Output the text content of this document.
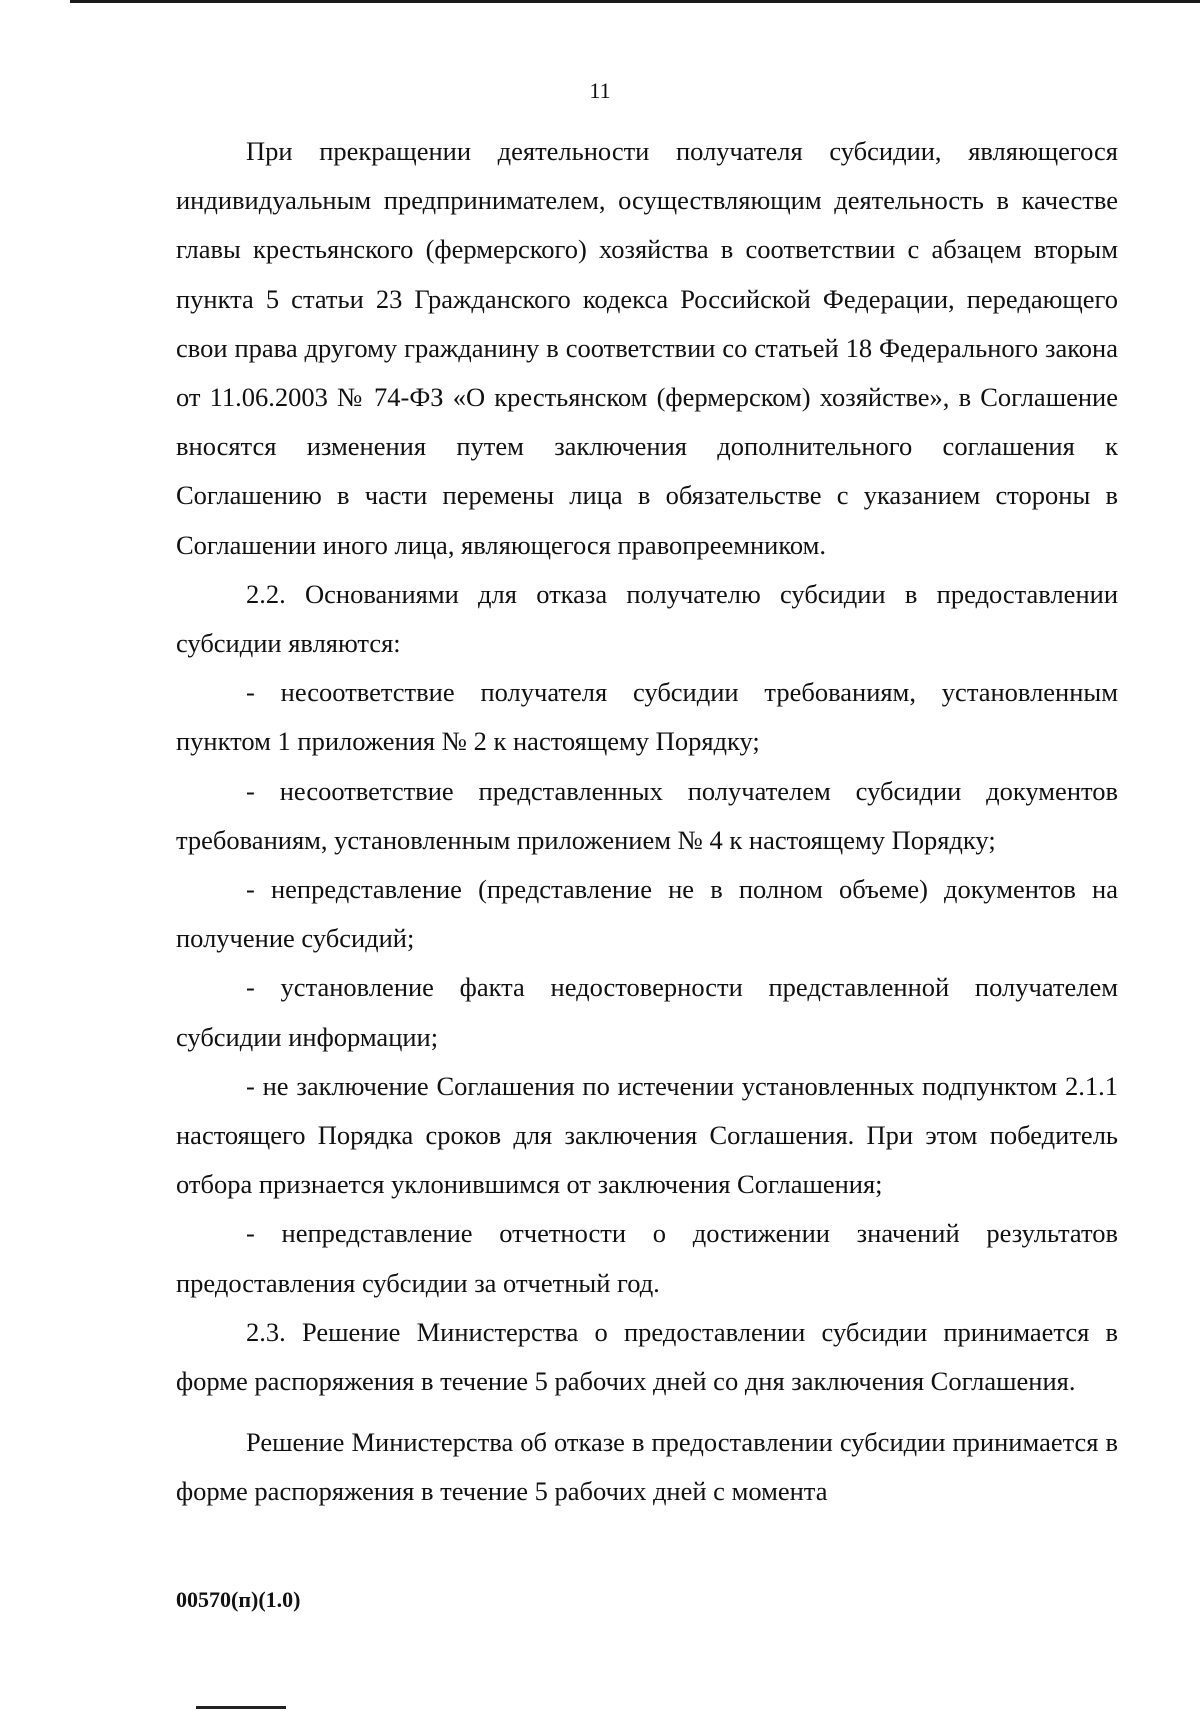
11

При прекращении деятельности получателя субсидии, являющегося индивидуальным предпринимателем, осуществляющим деятельность в качестве главы крестьянского (фермерского) хозяйства в соответствии с абзацем вторым пункта 5 статьи 23 Гражданского кодекса Российской Федерации, передающего свои права другому гражданину в соответствии со статьей 18 Федерального закона от 11.06.2003 № 74-ФЗ «О крестьянском (фермерском) хозяйстве», в Соглашение вносятся изменения путем заключения дополнительного соглашения к Соглашению в части перемены лица в обязательстве с указанием стороны в Соглашении иного лица, являющегося правопреемником.

2.2. Основаниями для отказа получателю субсидии в предоставлении субсидии являются:

- несоответствие получателя субсидии требованиям, установленным пунктом 1 приложения № 2 к настоящему Порядку;

- несоответствие представленных получателем субсидии документов требованиям, установленным приложением № 4 к настоящему Порядку;

- непредставление (представление не в полном объеме) документов на получение субсидий;

- установление факта недостоверности представленной получателем субсидии информации;

- не заключение Соглашения по истечении установленных подпунктом 2.1.1 настоящего Порядка сроков для заключения Соглашения. При этом победитель отбора признается уклонившимся от заключения Соглашения;

- непредставление отчетности о достижении значений результатов предоставления субсидии за отчетный год.

2.3. Решение Министерства о предоставлении субсидии принимается в форме распоряжения в течение 5 рабочих дней со дня заключения Соглашения.

Решение Министерства об отказе в предоставлении субсидии принимается в форме распоряжения в течение 5 рабочих дней с момента

00570(п)(1.0)
